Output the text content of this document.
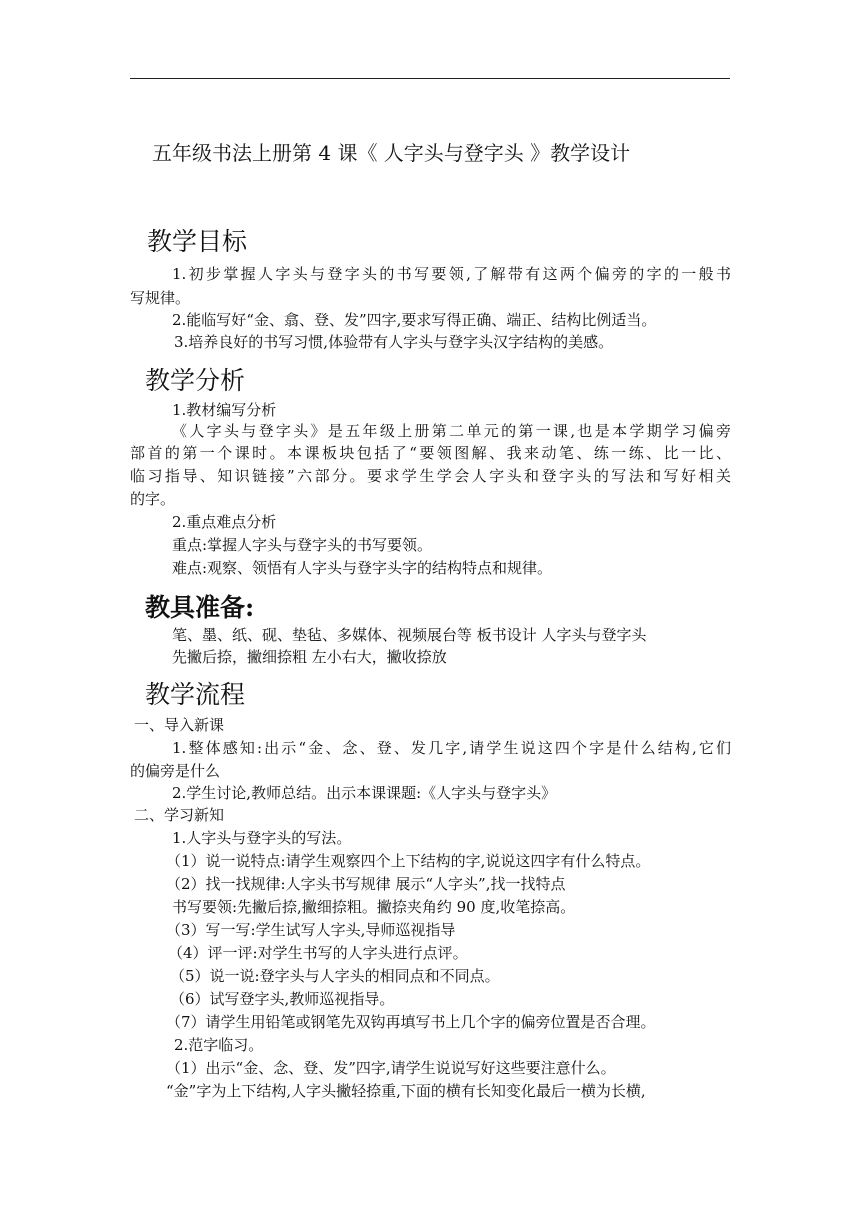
五年级书法上册第 4 课《 人字头与登字头 》教学设计
教学目标
1.初步掌握人字头与登字头的书写要领,了解带有这两个偏旁的字的一般书
写规律。
2.能临写好“金、翕、登、发”四字,要求写得正确、端正、结构比例适当。
3.培养良好的书写习惯,体验带有人字头与登字头汉字结构的美感。
教学分析
1.教材编写分析
《人字头与登字头》是五年级上册第二单元的第一课,也是本学期学习偏旁
部首的第一个课时。本课板块包括了“要领图解、我来动笔、练一练、比一比、
临习指导、知识链接”六部分。要求学生学会人字头和登字头的写法和写好相关
的字。
2.重点难点分析
重点:掌握人字头与登字头的书写要领。
难点:观察、领悟有人字头与登字头字的结构特点和规律。
教具准备:
笔、墨、纸、砚、垫毡、多媒体、视频展台等 板书设计 人字头与登字头
先撇后捺，撇细捺粗 左小右大，撇收捺放
教学流程
一、导入新课
1.整体感知:出示“金、念、登、发几字,请学生说这四个字是什么结构,它们
的偏旁是什么
2.学生讨论,教师总结。出示本课课题:《人字头与登字头》
二、学习新知
1.人字头与登字头的写法。
（1）说一说特点:请学生观察四个上下结构的字,说说这四字有什么特点。
（2）找一找规律:人字头书写规律 展示“人字头”,找一找特点
书写要领:先撇后捺,撇细捺粗。撇捺夹角约 90 度,收笔捺高。
（3）写一写:学生试写人字头,导师巡视指导
（4）评一评:对学生书写的人字头进行点评。
（5）说一说:登字头与人字头的相同点和不同点。
（6）试写登字头,教师巡视指导。
（7）请学生用铅笔或钢笔先双钩再填写书上几个字的偏旁位置是否合理。
2.范字临习。
（1）出示“金、念、登、发”四字,请学生说说写好这些要注意什么。
“金”字为上下结构,人字头撇轻捺重,下面的横有长知变化最后一横为长横,
